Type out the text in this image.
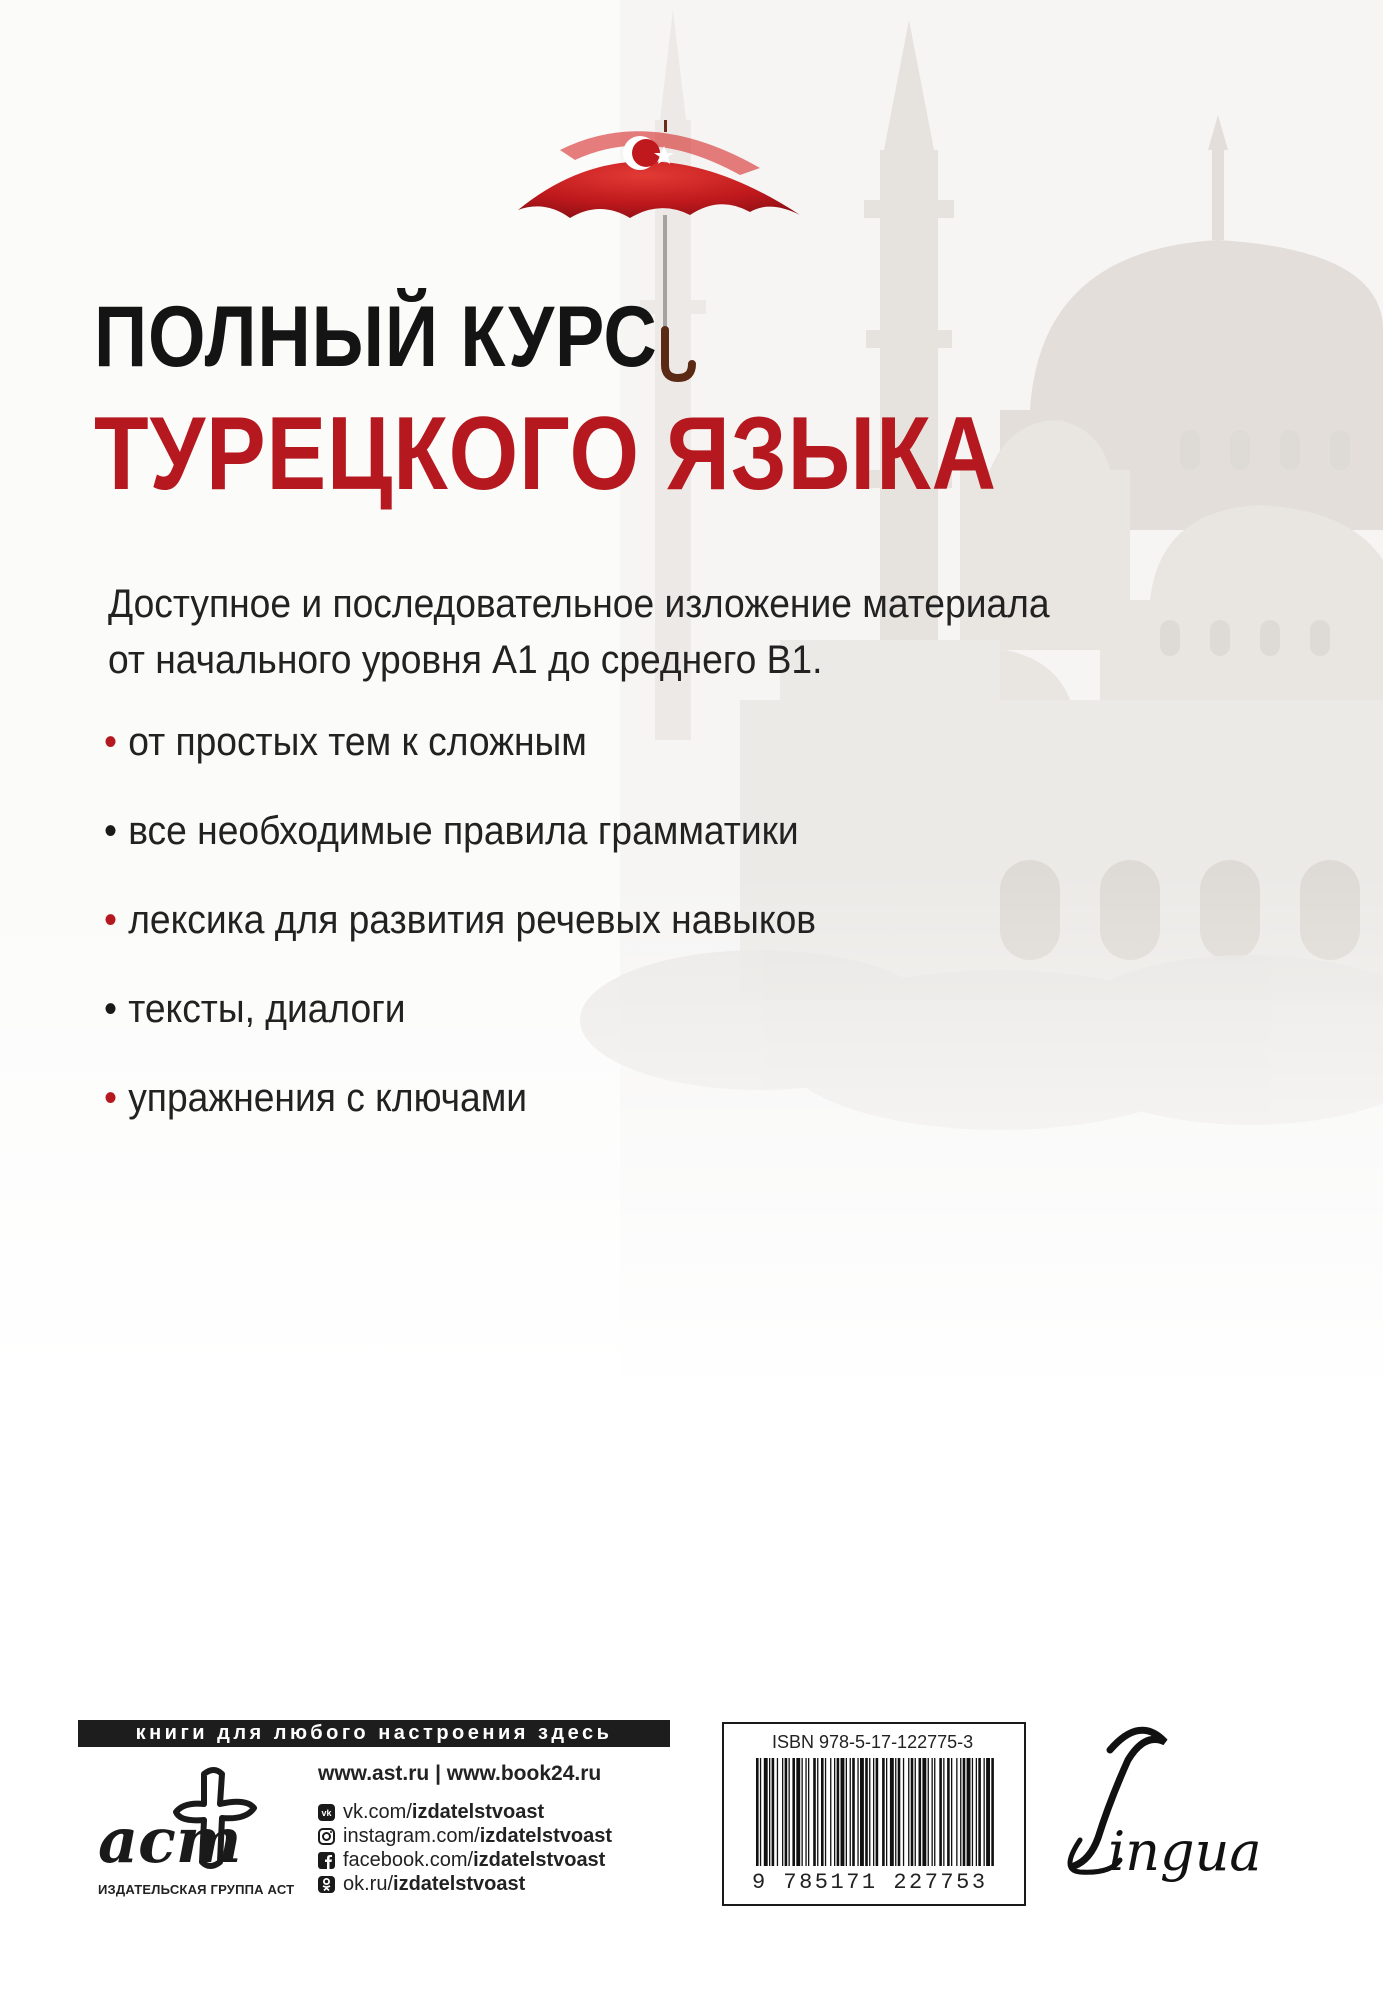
ПОЛНЫЙ КУРС
ТУРЕЦКОГО ЯЗЫКА
Доступное и последовательное изложение материала
от начального уровня А1 до среднего В1.
• от простых тем к сложным
• все необходимые правила грамматики
• лексика для развития речевых навыков
• тексты, диалоги
• упражнения с ключами
книги для любого настроения здесь
аст
ИЗДАТЕЛЬСКАЯ ГРУППА АСТ
www.ast.ru | www.book24.ru
vk vk.com/ izdatelstvoast
instagram.com/ izdatelstvoast
facebook.com/ izdatelstvoast
ok.ru/ izdatelstvoast
ISBN 978-5-17-122775-3
9 785171 227753 ingua
